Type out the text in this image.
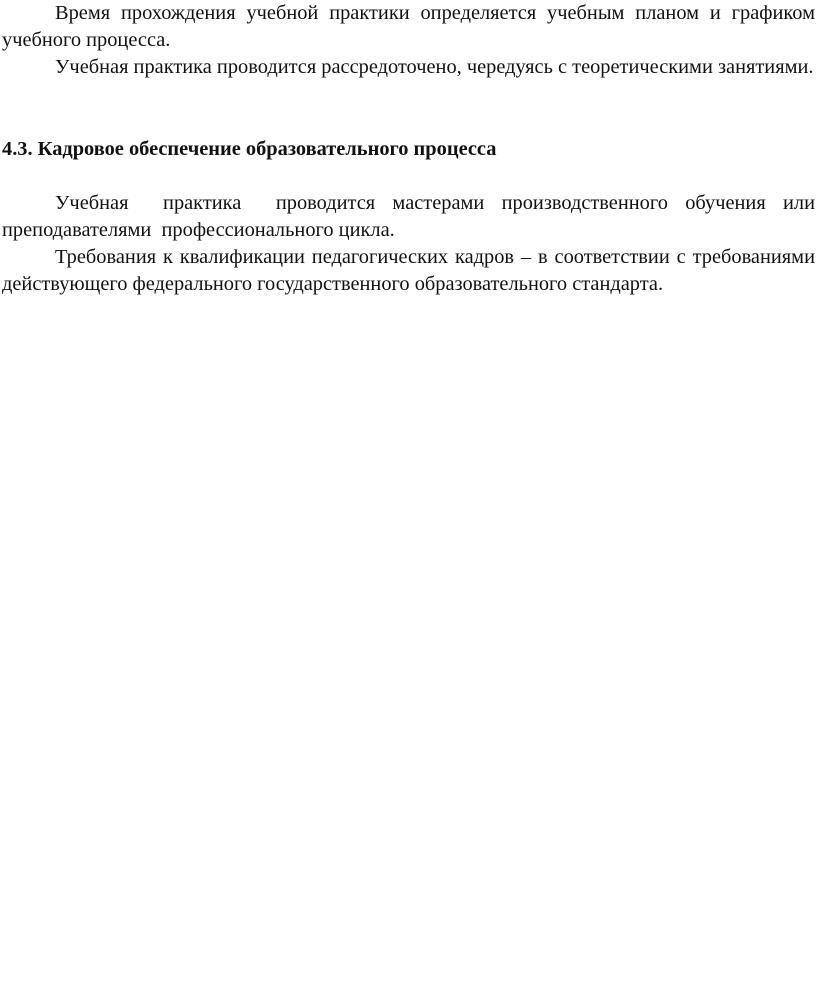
Время прохождения учебной практики определяется учебным планом и графиком учебного процесса.

Учебная практика проводится рассредоточено, чередуясь с теоретическими занятиями.

4.3. Кадровое обеспечение образовательного процесса

Учебная  практика  проводится мастерами производственного обучения или преподавателями  профессионального цикла.

Требования к квалификации педагогических кадров – в соответствии с требованиями действующего федерального государственного образовательного стандарта.
